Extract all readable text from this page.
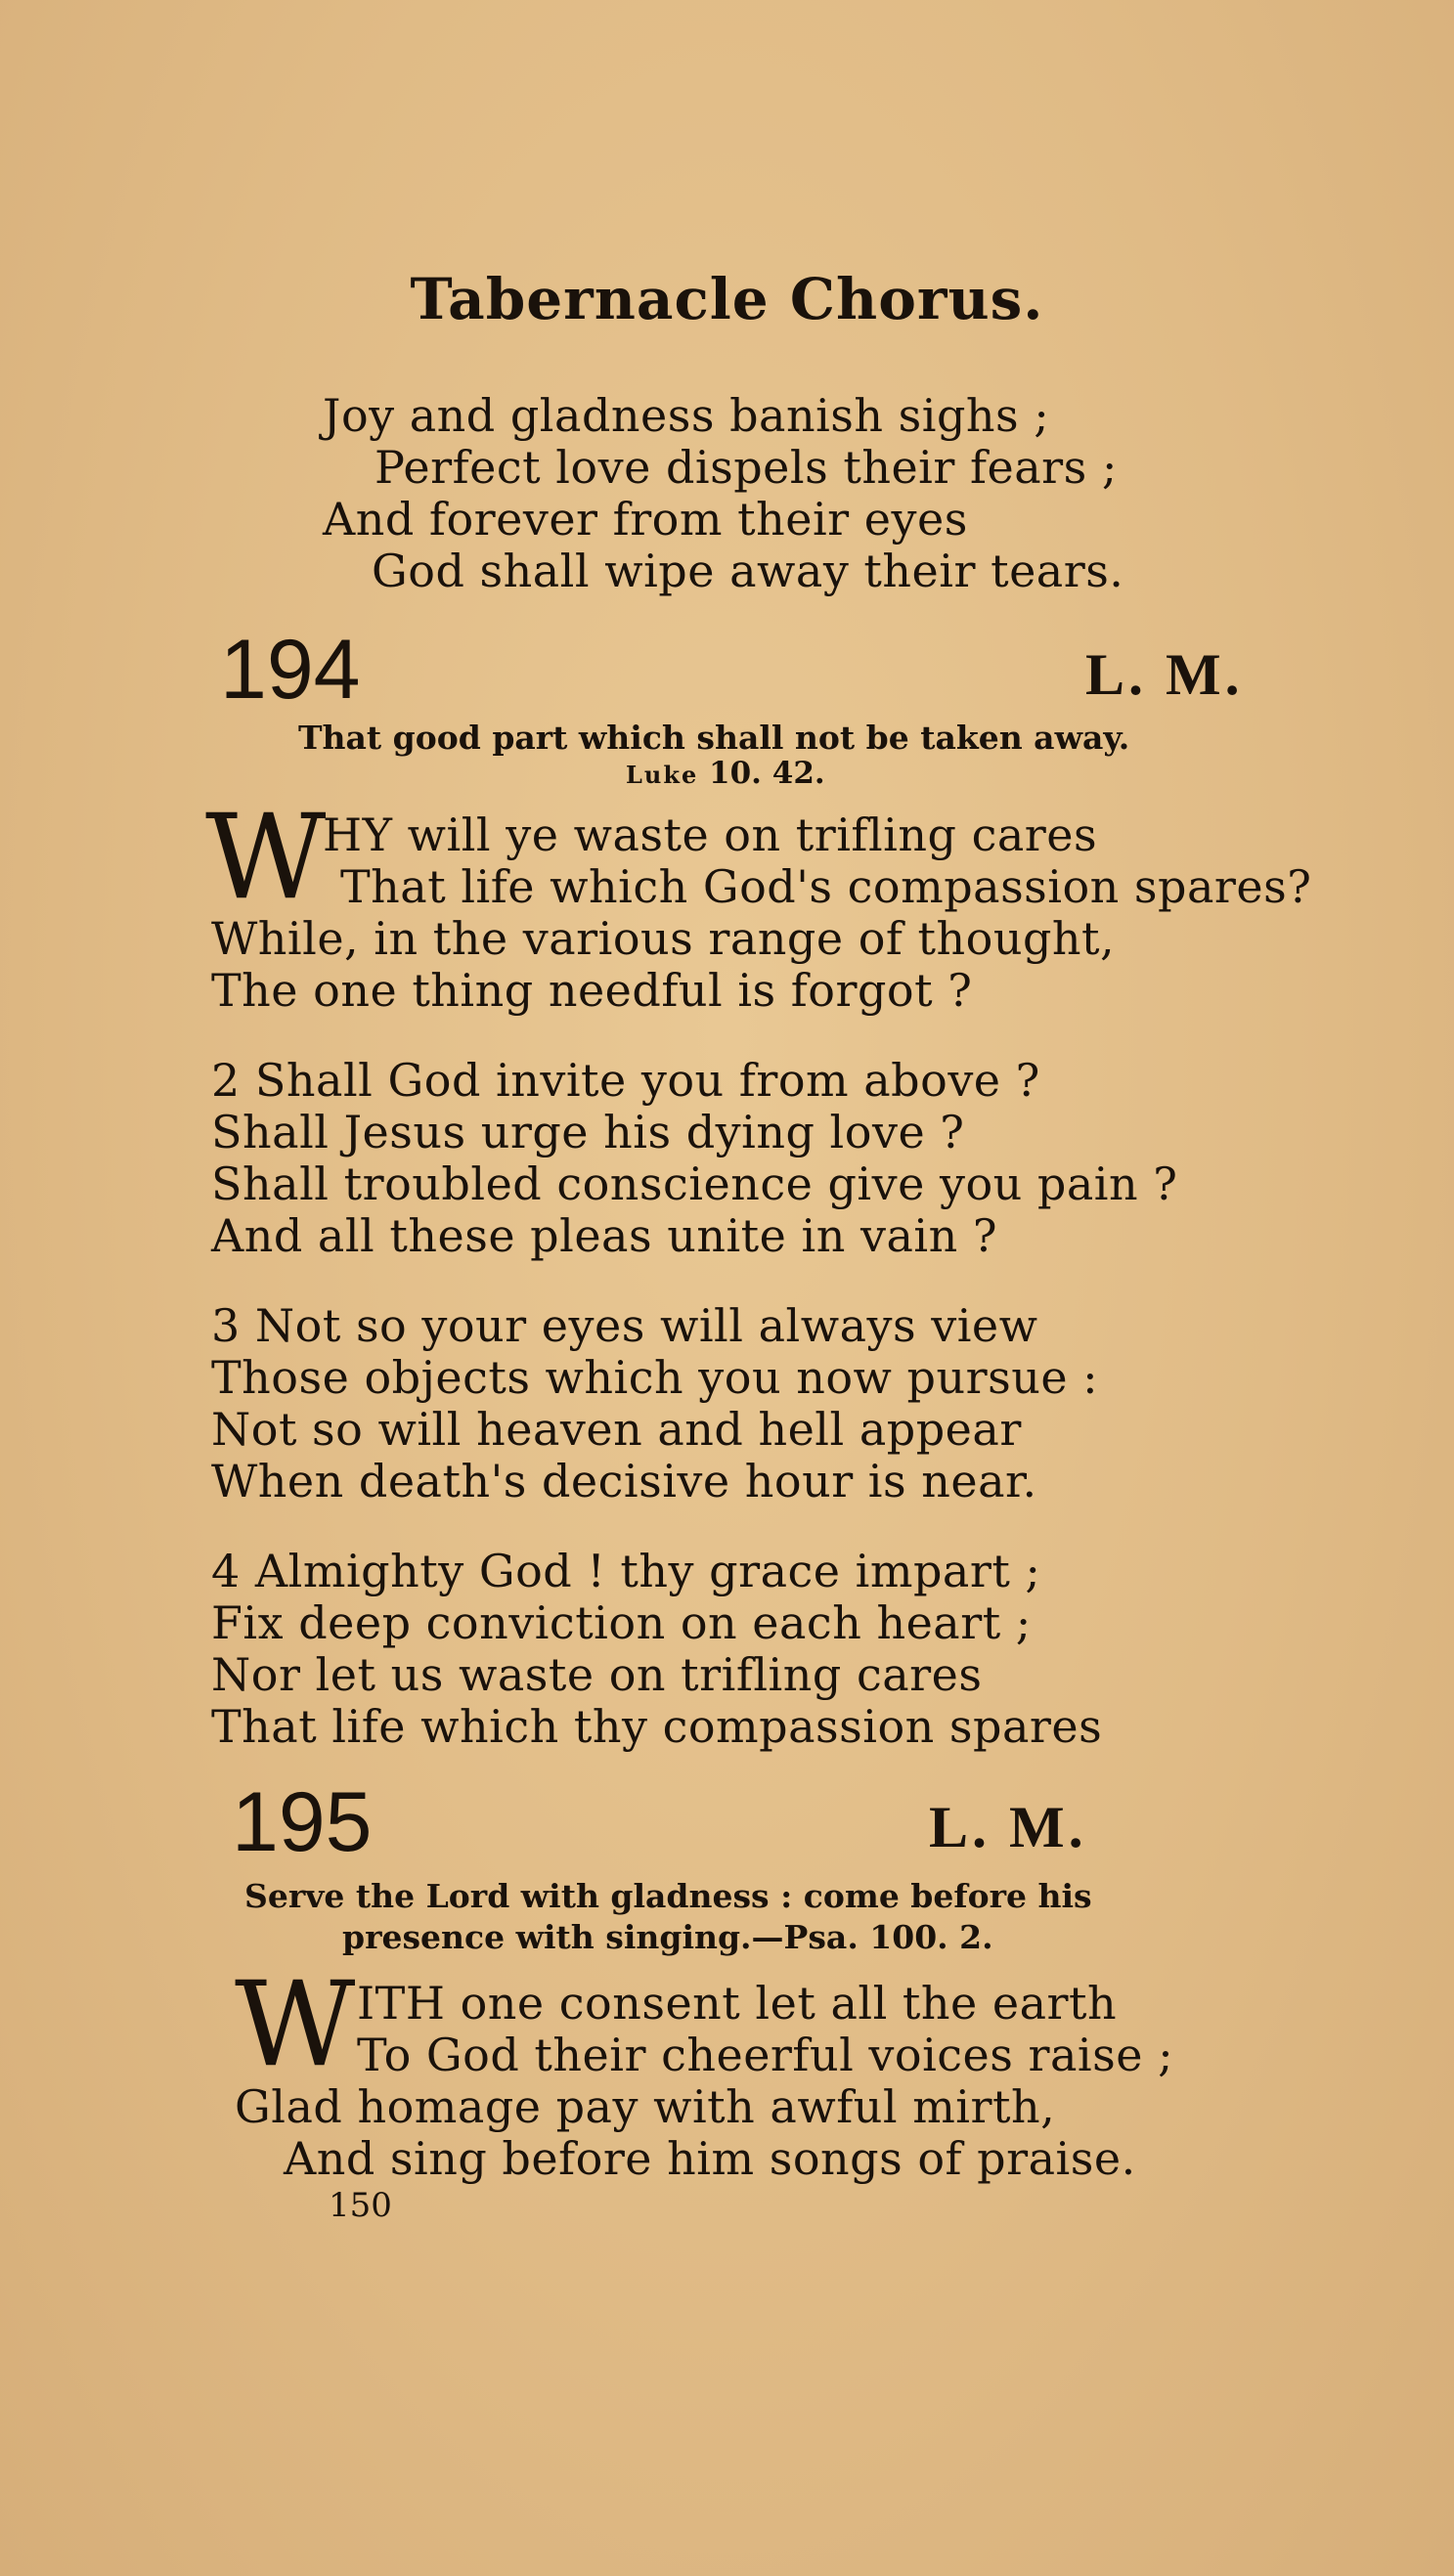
Tabernacle Chorus.
Joy and gladness banish sighs ;
Perfect love dispels their fears ;
And forever from their eyes
God shall wipe away their tears.
194	L. M.
That good part which shall not be taken away.
Luke 10. 42.
W
HY will ye waste on trifling cares
That life which God's compassion spares?
While, in the various range of thought,
The one thing needful is forgot ?
2 Shall God invite you from above ?
Shall Jesus urge his dying love ?
Shall troubled conscience give you pain ?
And all these pleas unite in vain ?
3 Not so your eyes will always view
Those objects which you now pursue :
Not so will heaven and hell appear
When death's decisive hour is near.
4 Almighty God ! thy grace impart ;
Fix deep conviction on each heart ;
Nor let us waste on trifling cares
That life which thy compassion spares
195	L. M.
Serve the Lord with gladness : come before his
presence with singing.—Psa. 100. 2.
W ITH one consent let all the earth
To God their cheerful voices raise ;
Glad homage pay with awful mirth,
And sing before him songs of praise.
150
